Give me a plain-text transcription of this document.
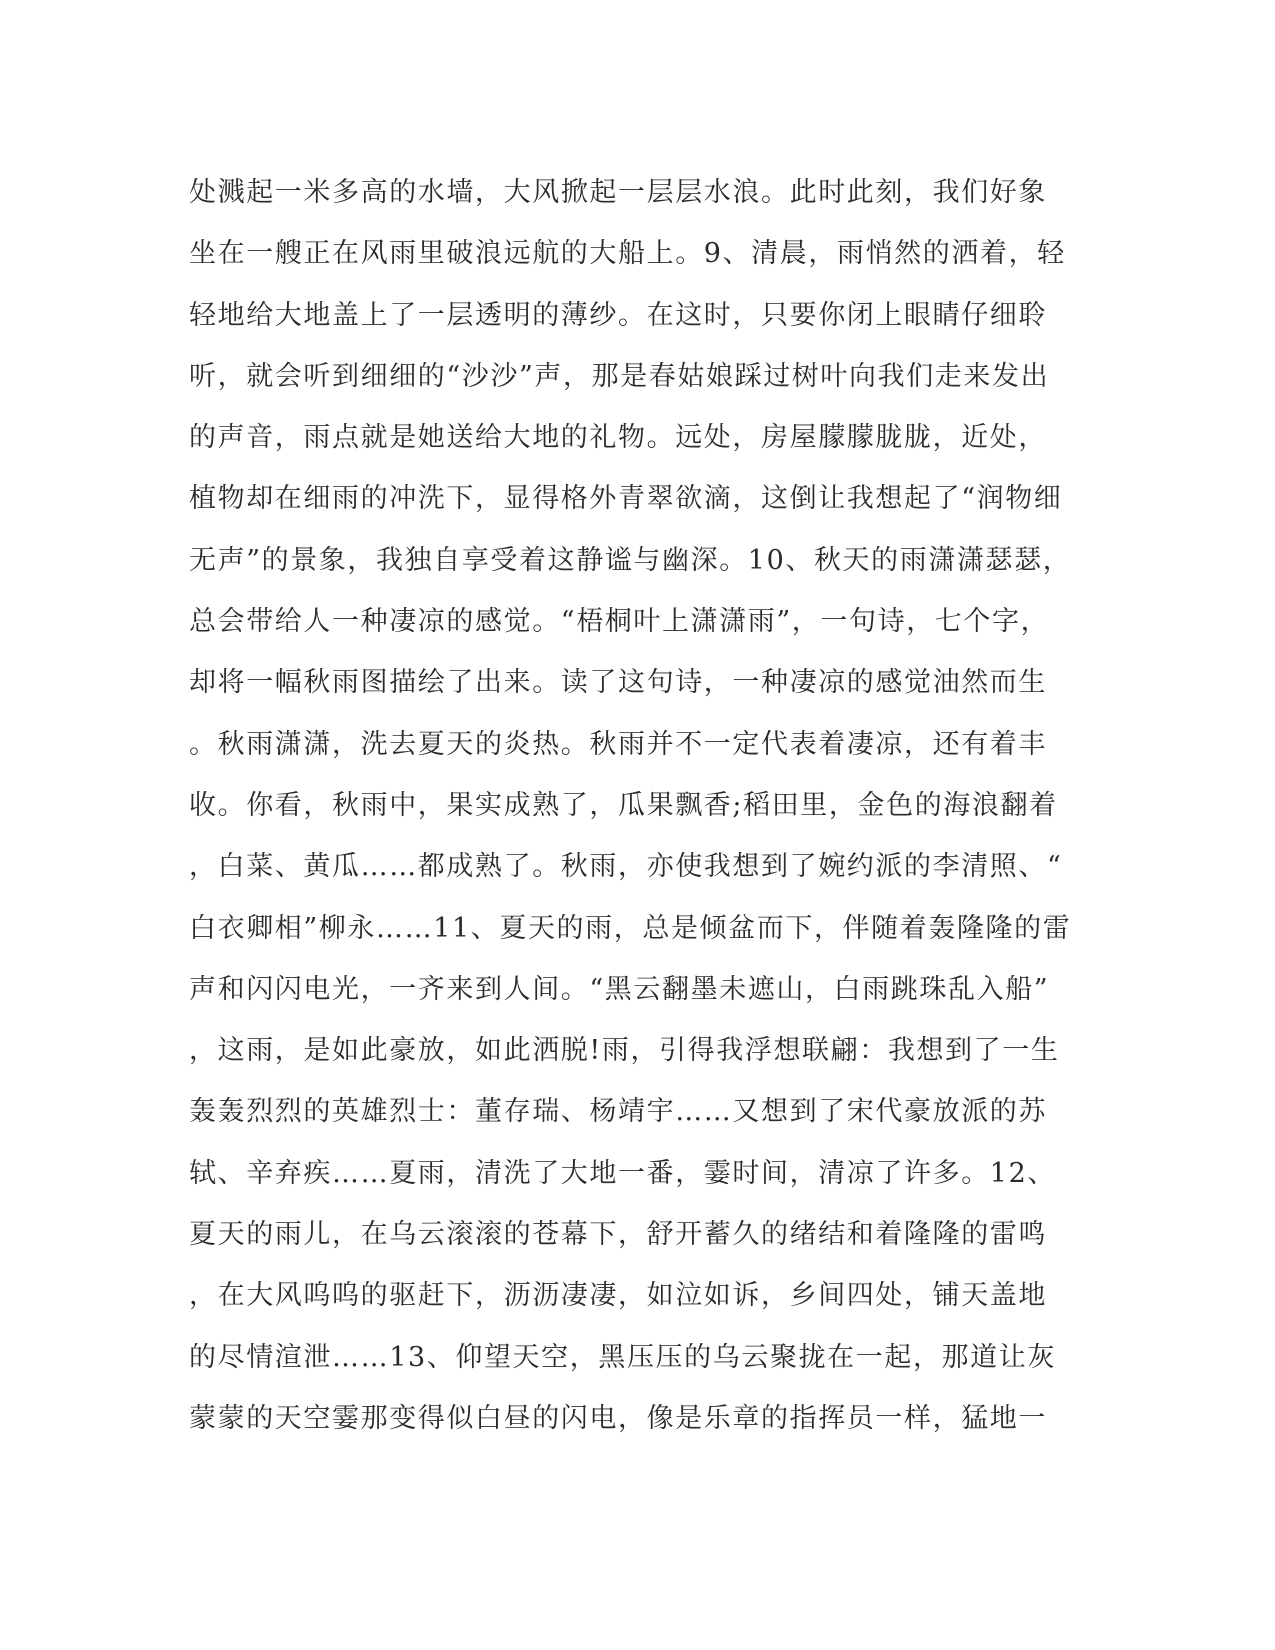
处溅起一米多高的水墙，大风掀起一层层水浪。此时此刻，我们好象
坐在一艘正在风雨里破浪远航的大船上。9、清晨，雨悄然的洒着，轻
轻地给大地盖上了一层透明的薄纱。在这时，只要你闭上眼睛仔细聆
听，就会听到细细的“沙沙”声，那是春姑娘踩过树叶向我们走来发出
的声音，雨点就是她送给大地的礼物。远处，房屋朦朦胧胧，近处，
植物却在细雨的冲洗下，显得格外青翠欲滴，这倒让我想起了“润物细
无声”的景象，我独自享受着这静谧与幽深。10、秋天的雨潇潇瑟瑟，
总会带给人一种凄凉的感觉。“梧桐叶上潇潇雨”，一句诗，七个字，
却将一幅秋雨图描绘了出来。读了这句诗，一种凄凉的感觉油然而生
。秋雨潇潇，洗去夏天的炎热。秋雨并不一定代表着凄凉，还有着丰
收。你看，秋雨中，果实成熟了，瓜果飘香;稻田里，金色的海浪翻着
，白菜、黄瓜……都成熟了。秋雨，亦使我想到了婉约派的李清照、“
白衣卿相”柳永……11、夏天的雨，总是倾盆而下，伴随着轰隆隆的雷
声和闪闪电光，一齐来到人间。“黑云翻墨未遮山，白雨跳珠乱入船”
，这雨，是如此豪放，如此洒脱!雨，引得我浮想联翩：我想到了一生
轰轰烈烈的英雄烈士：董存瑞、杨靖宇……又想到了宋代豪放派的苏
轼、辛弃疾……夏雨，清洗了大地一番，霎时间，清凉了许多。12、
夏天的雨儿，在乌云滚滚的苍幕下，舒开蓄久的绪结和着隆隆的雷鸣
，在大风呜呜的驱赶下，沥沥凄凄，如泣如诉，乡间四处，铺天盖地
的尽情渲泄……13、仰望天空，黑压压的乌云聚拢在一起，那道让灰
蒙蒙的天空霎那变得似白昼的闪电，像是乐章的指挥员一样，猛地一
